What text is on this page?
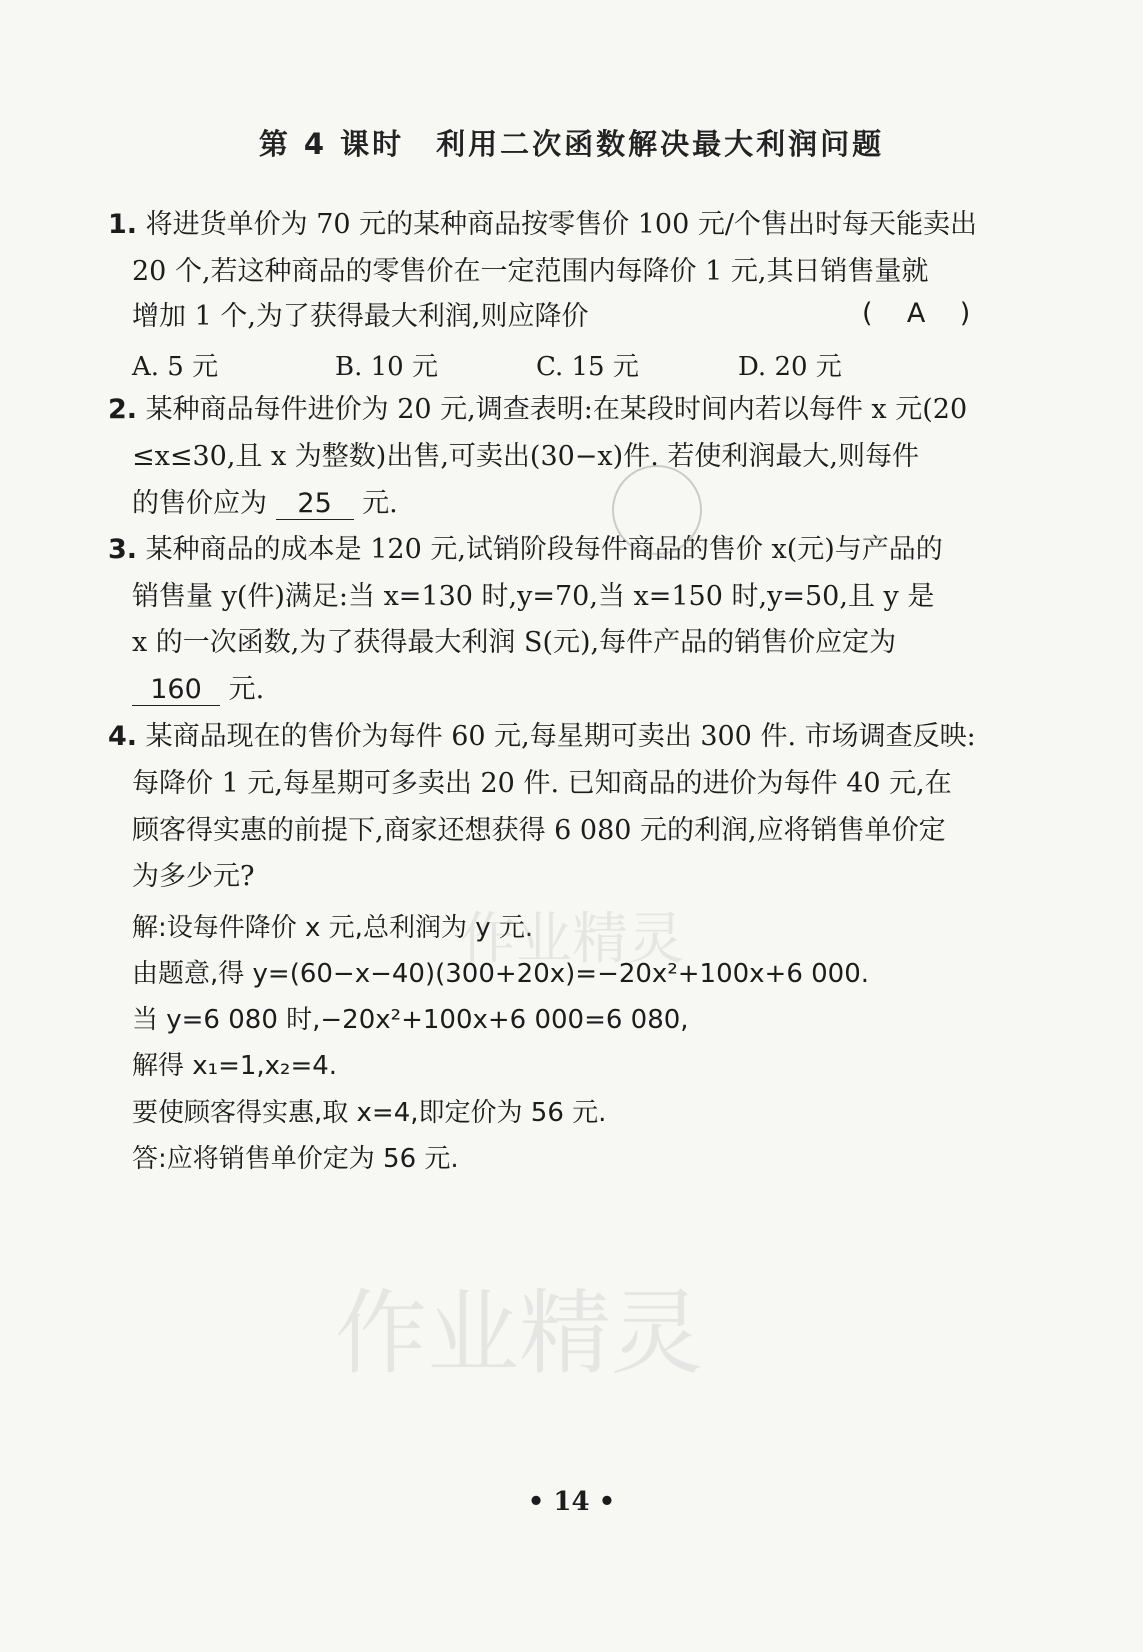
第 4 课时　利用二次函数解决最大利润问题
1. 将进货单价为 70 元的某种商品按零售价 100 元/个售出时每天能卖出
20 个,若这种商品的零售价在一定范围内每降价 1 元,其日销售量就
增加 1 个,为了获得最大利润,则应降价	( A )
A. 5 元	B. 10 元	C. 15 元	D. 20 元
2. 某种商品每件进价为 20 元,调查表明:在某段时间内若以每件 x 元(20
≤x≤30,且 x 为整数)出售,可卖出(30−x)件. 若使利润最大,则每件
的售价应为 25 元.
3. 某种商品的成本是 120 元,试销阶段每件商品的售价 x(元)与产品的
销售量 y(件)满足:当 x=130 时,y=70,当 x=150 时,y=50,且 y 是
x 的一次函数,为了获得最大利润 S(元),每件产品的销售价应定为
160 元.
4. 某商品现在的售价为每件 60 元,每星期可卖出 300 件. 市场调查反映:
每降价 1 元,每星期可多卖出 20 件. 已知商品的进价为每件 40 元,在
顾客得实惠的前提下,商家还想获得 6 080 元的利润,应将销售单价定
为多少元?
解:设每件降价 x 元,总利润为 y 元.
由题意,得 y=(60−x−40)(300+20x)=−20x²+100x+6 000.
当 y=6 080 时,−20x²+100x+6 000=6 080,
解得 x₁=1,x₂=4.
要使顾客得实惠,取 x=4,即定价为 56 元.
答:应将销售单价定为 56 元.
作业精灵
作业精灵
• 14 •
